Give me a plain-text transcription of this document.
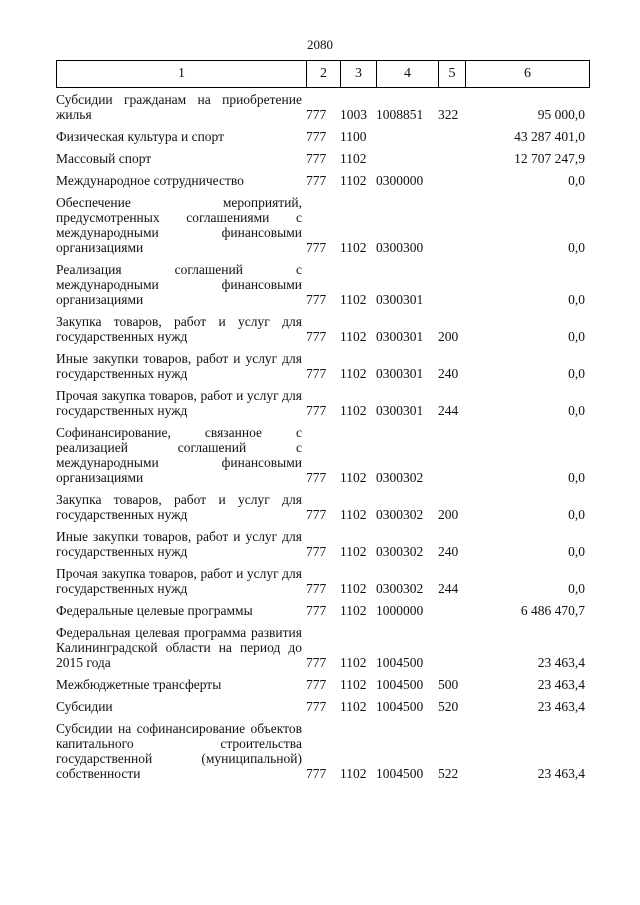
2080
1	2	3	4	5	6
Субсидии гражданам на приобретение жилья	777	1003	1008851	322	95 000,0

Физическая культура и спорт	777	1100			43 287 401,0

Массовый спорт	777	1102			12 707 247,9

Международное сотрудничество	777	1102	0300000		0,0

Обеспечение мероприятий, предусмотренных соглашениями с международными финансовыми организациями	777	1102	0300300		0,0

Реализация соглашений с международными финансовыми организациями	777	1102	0300301		0,0

Закупка товаров, работ и услуг для государственных нужд	777	1102	0300301	200	0,0

Иные закупки товаров, работ и услуг для государственных нужд	777	1102	0300301	240	0,0

Прочая закупка товаров, работ и услуг для государственных нужд	777	1102	0300301	244	0,0

Софинансирование, связанное с реализацией соглашений с международными финансовыми организациями	777	1102	0300302		0,0

Закупка товаров, работ и услуг для государственных нужд	777	1102	0300302	200	0,0

Иные закупки товаров, работ и услуг для государственных нужд	777	1102	0300302	240	0,0

Прочая закупка товаров, работ и услуг для государственных нужд	777	1102	0300302	244	0,0

Федеральные целевые программы	777	1102	1000000		6 486 470,7

Федеральная целевая программа развития Калининградской области на период до 2015 года	777	1102	1004500		23 463,4

Межбюджетные трансферты	777	1102	1004500	500	23 463,4

Субсидии	777	1102	1004500	520	23 463,4

Субсидии на софинансирование объектов капитального строительства государственной (муниципальной) собственности	777	1102	1004500	522	23 463,4
